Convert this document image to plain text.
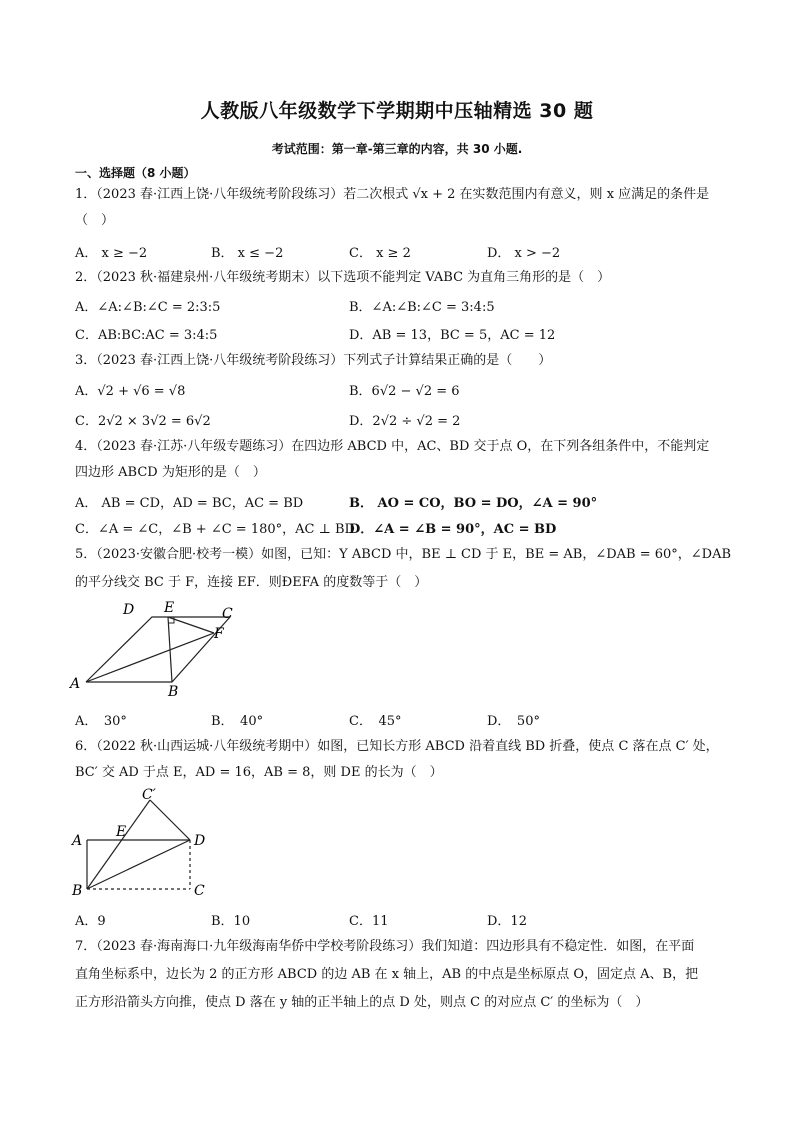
人教版八年级数学下学期期中压轴精选 30 题
考试范围：第一章-第三章的内容，共 30 小题.
一、选择题（8 小题）
1．（2023 春·江西上饶·八年级统考阶段练习）若二次根式 √x + 2 在实数范围内有意义，则 x 应满足的条件是
（　）
A． x ≥ −2	B． x ≤ −2	C． x ≥ 2	D． x > −2
2．（2023 秋·福建泉州·八年级统考期末）以下选项不能判定 VABC 为直角三角形的是（　）
A．∠A:∠B:∠C = 2:3:5	B．∠A:∠B:∠C = 3:4:5
C．AB:BC:AC = 3:4:5	D．AB = 13，BC = 5，AC = 12
3．（2023 春·江西上饶·八年级统考阶段练习）下列式子计算结果正确的是（　　）
A．√2 + √6 = √8	B．6√2 − √2 = 6
C．2√2 × 3√2 = 6√2	D．2√2 ÷ √2 = 2
4．（2023 春·江苏·八年级专题练习）在四边形 ABCD 中，AC、BD 交于点 O，在下列各组条件中，不能判定
四边形 ABCD 为矩形的是（　）
A． AB = CD，AD = BC，AC = BD	B． AO = CO，BO = DO，∠A = 90°
C．∠A = ∠C，∠B + ∠C = 180°，AC ⊥ BD
D．∠A = ∠B = 90°，AC = BD
5．（2023·安徽合肥·校考一模）如图，已知：Y ABCD 中，BE ⊥ CD 于 E，BE = AB，∠DAB = 60°，∠DAB
的平分线交 BC 于 F，连接 EF．则ÐEFA 的度数等于（　）
D E	C
F
A	B
A．　30°	B．　40°	C．　45°	D．　50°
6．（2022 秋·山西运城·八年级统考期中）如图，已知长方形 ABCD 沿着直线 BD 折叠，使点 C 落在点 C′ 处，
BC′ 交 AD 于点 E，AD = 16，AB = 8，则 DE 的长为（　）
C′
A
E
D
B	C
A．9	B．10	C．11	D．12
7．（2023 春·海南海口·九年级海南华侨中学校考阶段练习）我们知道：四边形具有不稳定性．如图，在平面
直角坐标系中，边长为 2 的正方形 ABCD 的边 AB 在 x 轴上，AB 的中点是坐标原点 O，固定点 A、B，把
正方形沿箭头方向推，使点 D 落在 y 轴的正半轴上的点 D 处，则点 C 的对应点 C′ 的坐标为（　）
